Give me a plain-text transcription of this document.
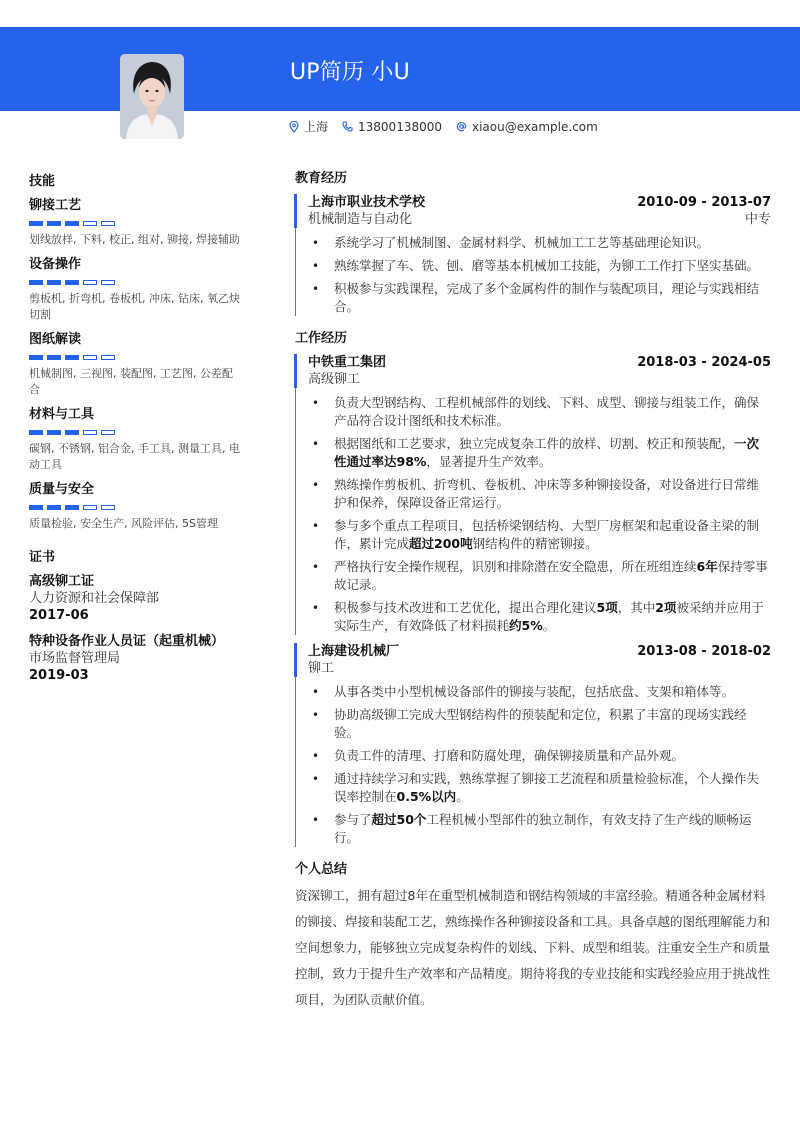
UP简历 小U
上海	13800138000	xiaou@example.com
技能
铆接工艺
划线放样, 下料, 校正, 组对, 铆接, 焊接辅助
设备操作
剪板机, 折弯机, 卷板机, 冲床, 钻床, 氧乙炔切割
图纸解读
机械制图, 三视图, 装配图, 工艺图, 公差配合
材料与工具
碳钢, 不锈钢, 铝合金, 手工具, 测量工具, 电动工具
质量与安全
质量检验, 安全生产, 风险评估, 5S管理
证书
高级铆工证
人力资源和社会保障部
2017-06
特种设备作业人员证（起重机械）
市场监督管理局
2019-03
教育经历
上海市职业技术学校	2010-09 - 2013-07
机械制造与自动化	中专
• 系统学习了机械制图、金属材料学、机械加工工艺等基础理论知识。
• 熟练掌握了车、铣、刨、磨等基本机械加工技能，为铆工工作打下坚实基础。
• 积极参与实践课程，完成了多个金属构件的制作与装配项目，理论与实践相结合。
工作经历
中铁重工集团	2018-03 - 2024-05
高级铆工
• 负责大型钢结构、工程机械部件的划线、下料、成型、铆接与组装工作，确保产品符合设计图纸和技术标准。
• 根据图纸和工艺要求，独立完成复杂工件的放样、切割、校正和预装配，一次性通过率达98%，显著提升生产效率。
• 熟练操作剪板机、折弯机、卷板机、冲床等多种铆接设备，对设备进行日常维护和保养，保障设备正常运行。
• 参与多个重点工程项目，包括桥梁钢结构、大型厂房框架和起重设备主梁的制作，累计完成超过200吨钢结构件的精密铆接。
• 严格执行安全操作规程，识别和排除潜在安全隐患，所在班组连续6年保持零事故记录。
• 积极参与技术改进和工艺优化，提出合理化建议5项，其中2项被采纳并应用于实际生产，有效降低了材料损耗约5%。
上海建设机械厂	2013-08 - 2018-02
铆工
• 从事各类中小型机械设备部件的铆接与装配，包括底盘、支架和箱体等。
• 协助高级铆工完成大型钢结构件的预装配和定位，积累了丰富的现场实践经验。
• 负责工件的清理、打磨和防腐处理，确保铆接质量和产品外观。
• 通过持续学习和实践，熟练掌握了铆接工艺流程和质量检验标准，个人操作失误率控制在0.5%以内。
• 参与了超过50个工程机械小型部件的独立制作，有效支持了生产线的顺畅运行。
个人总结
资深铆工，拥有超过8年在重型机械制造和钢结构领域的丰富经验。精通各种金属材料的铆接、焊接和装配工艺，熟练操作各种铆接设备和工具。具备卓越的图纸理解能力和空间想象力，能够独立完成复杂构件的划线、下料、成型和组装。注重安全生产和质量控制，致力于提升生产效率和产品精度。期待将我的专业技能和实践经验应用于挑战性项目，为团队贡献价值。
